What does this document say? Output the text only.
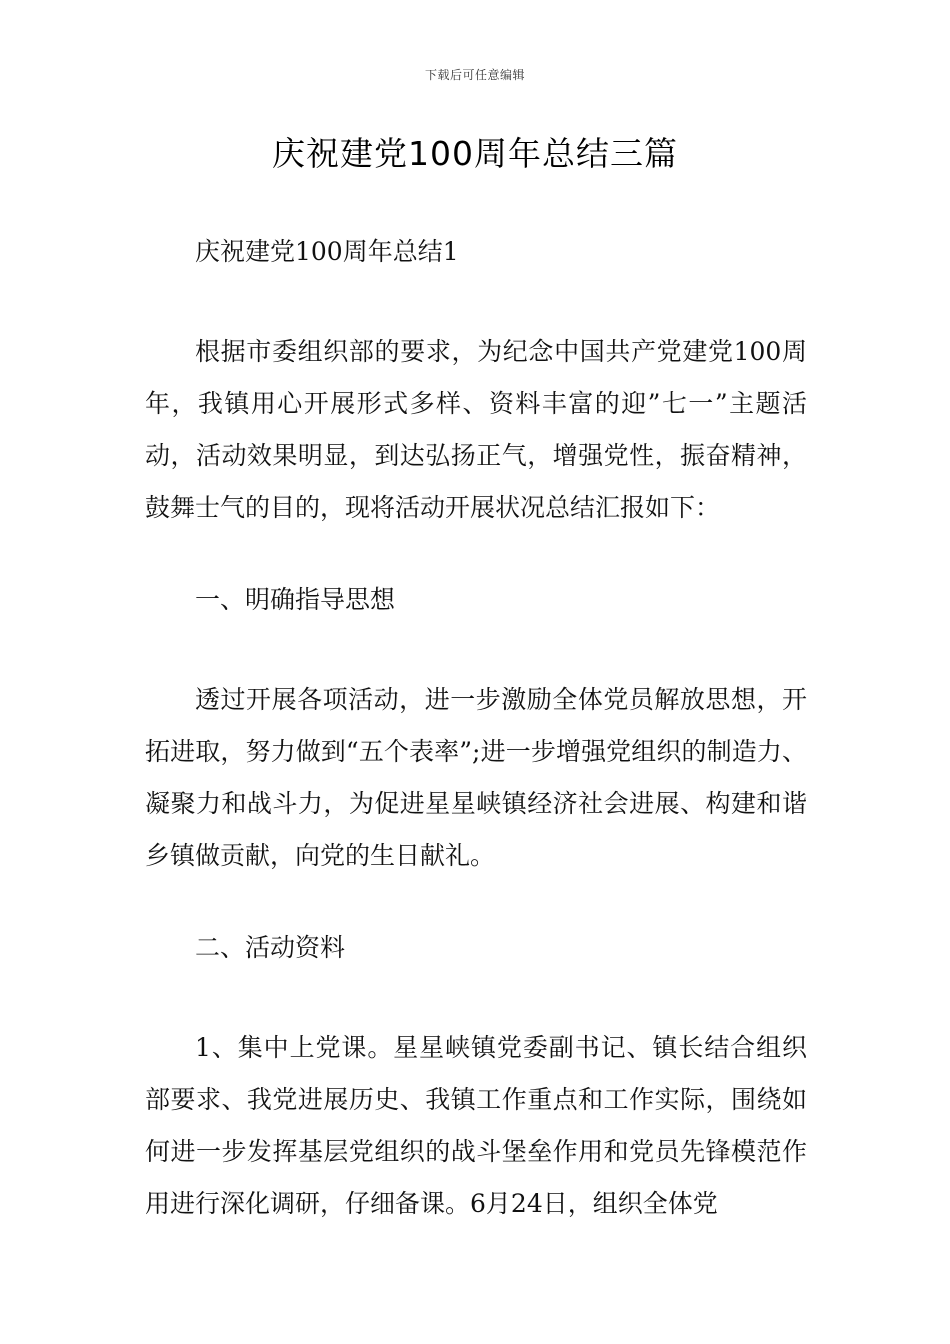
下载后可任意编辑
庆祝建党100周年总结三篇

庆祝建党100周年总结1

根据市委组织部的要求，为纪念中国共产党建党100周年，我镇用心开展形式多样、资料丰富的迎”七一”主题活动，活动效果明显，到达弘扬正气，增强党性，振奋精神，鼓舞士气的目的，现将活动开展状况总结汇报如下：

一、明确指导思想

透过开展各项活动，进一步激励全体党员解放思想，开拓进取，努力做到“五个表率”;进一步增强党组织的制造力、凝聚力和战斗力，为促进星星峡镇经济社会进展、构建和谐乡镇做贡献，向党的生日献礼。

二、活动资料

1、集中上党课。星星峡镇党委副书记、镇长结合组织部要求、我党进展历史、我镇工作重点和工作实际，围绕如何进一步发挥基层党组织的战斗堡垒作用和党员先锋模范作用进行深化调研，仔细备课。6月24日，组织全体党
